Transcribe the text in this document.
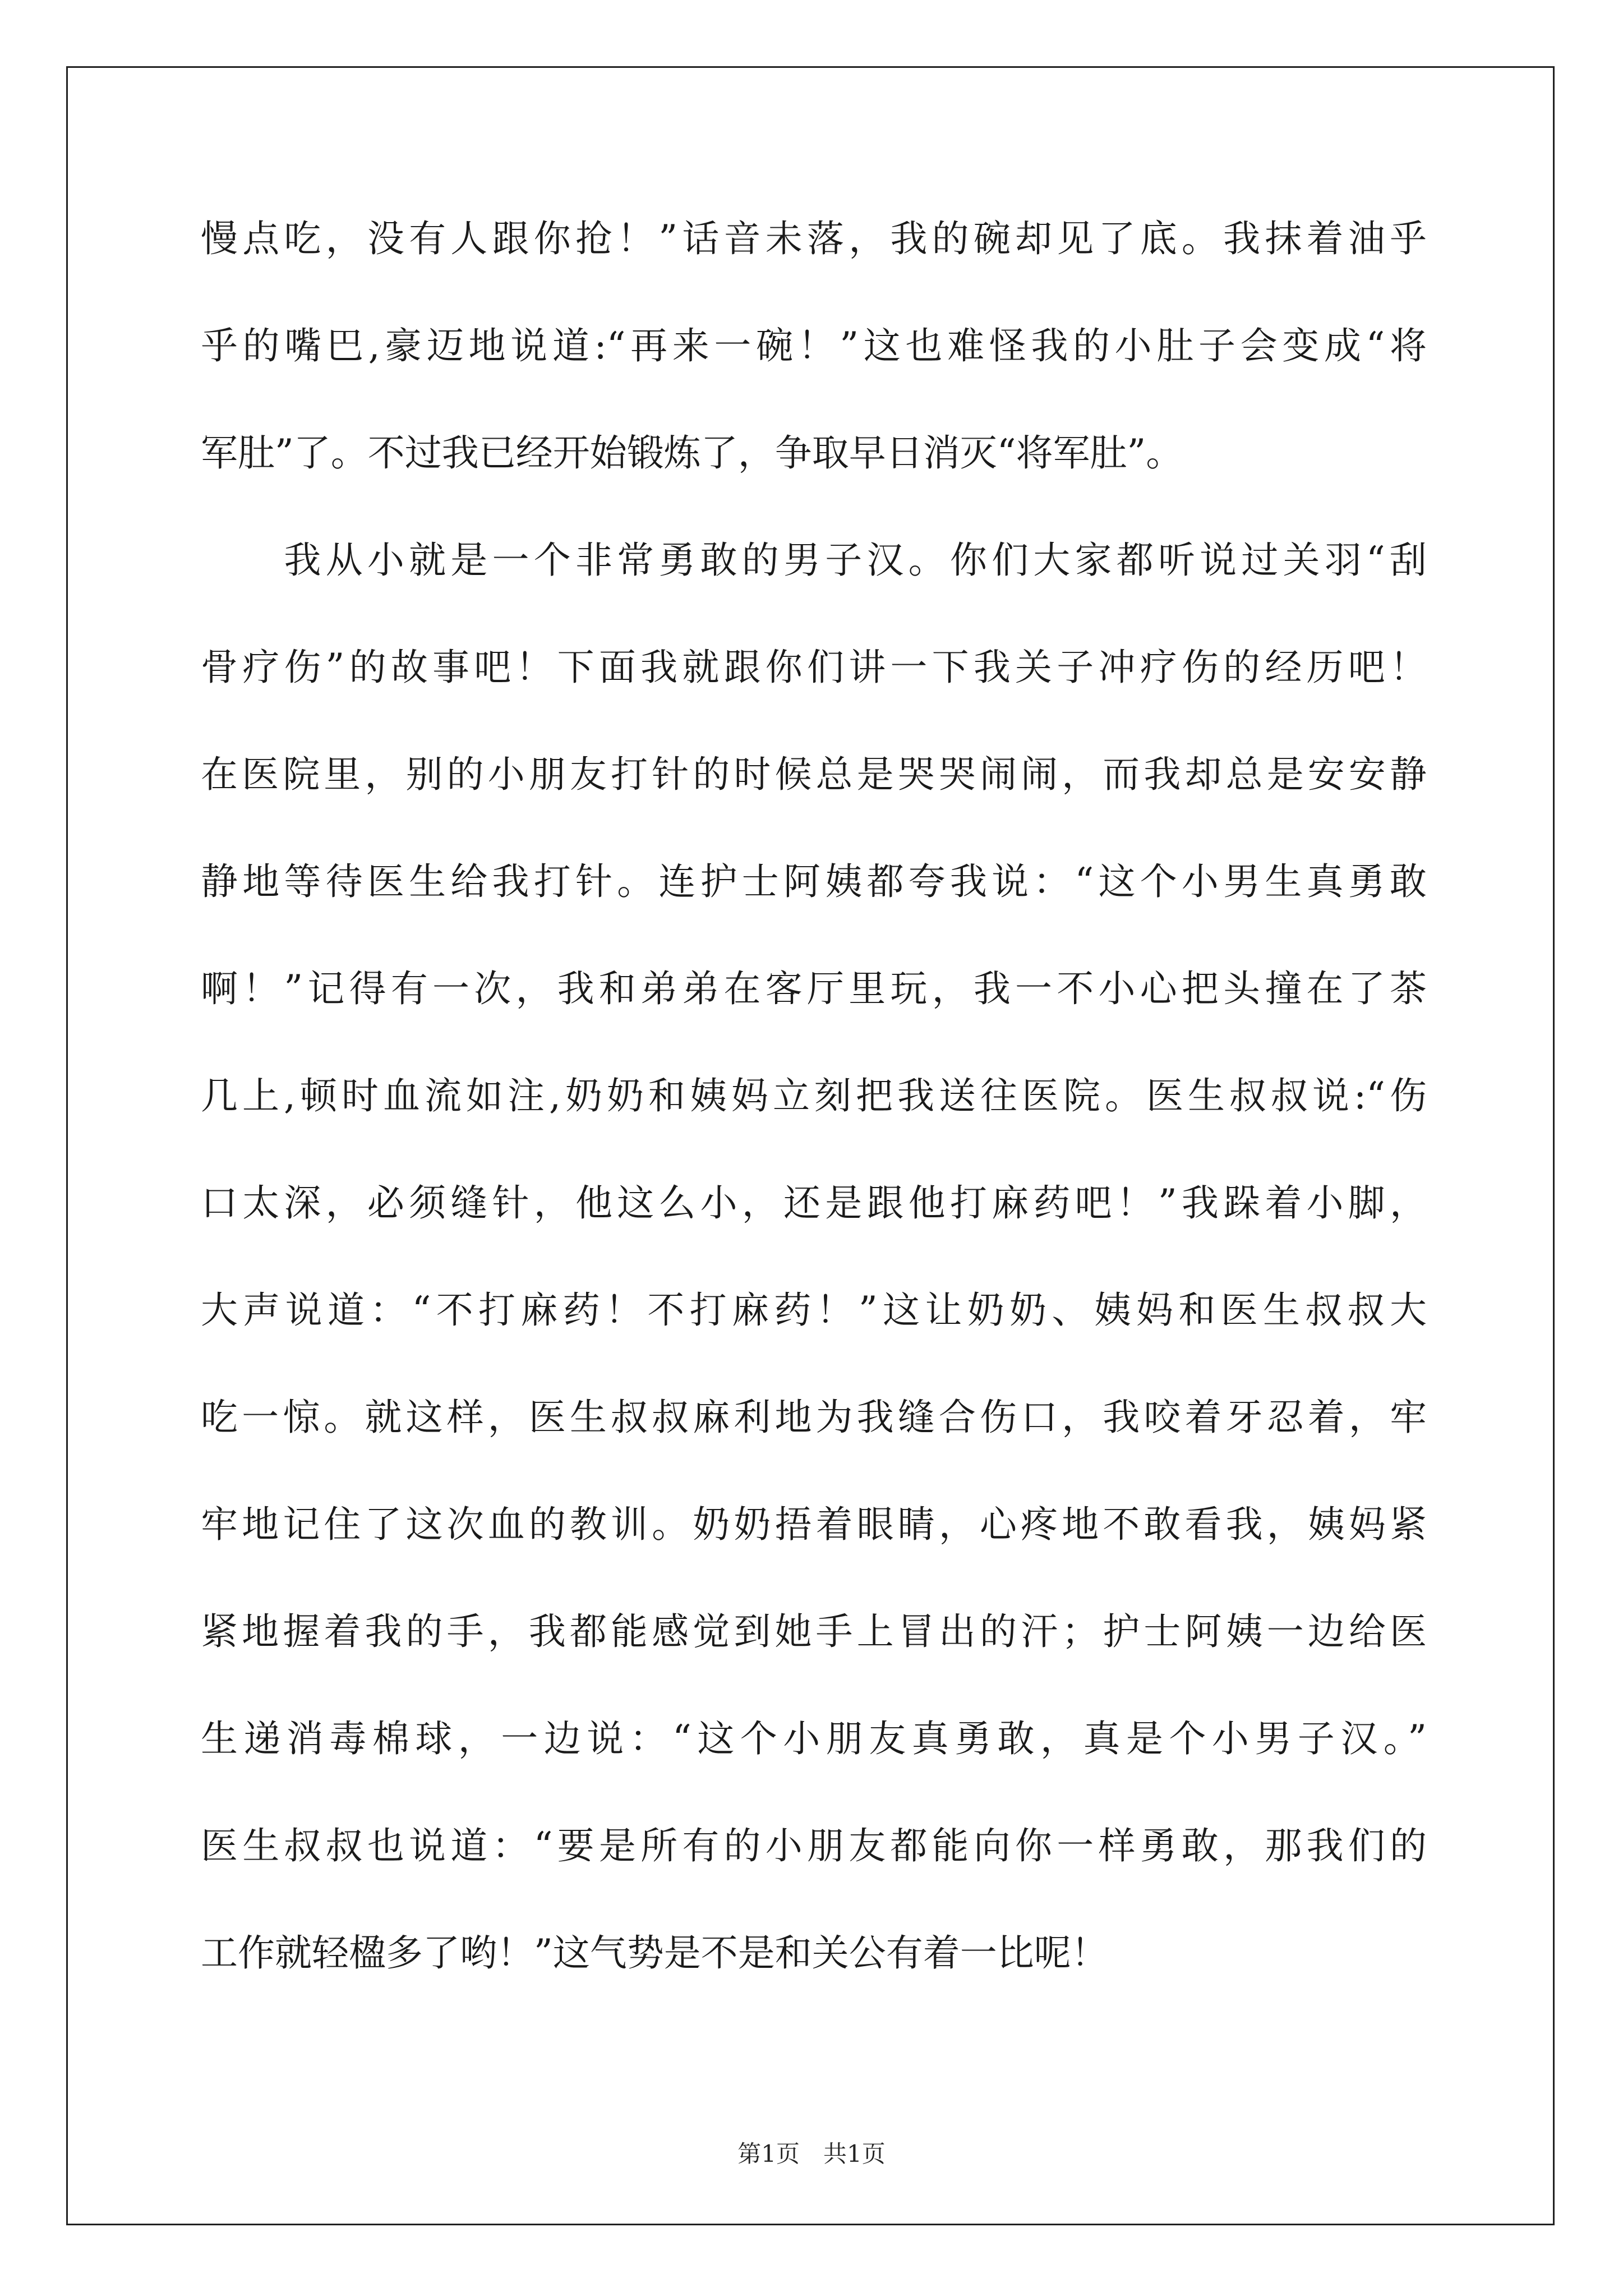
慢点吃，没有人跟你抢！”话音未落，我的碗却见了底。我抹着油乎
乎的嘴巴,豪迈地说道:“再来一碗！”这也难怪我的小肚子会变成“将
军肚”了。不过我已经开始锻炼了，争取早日消灭“将军肚”。
　　我从小就是一个非常勇敢的男子汉。你们大家都听说过关羽“刮
骨疗伤”的故事吧！下面我就跟你们讲一下我关子冲疗伤的经历吧！
在医院里，别的小朋友打针的时候总是哭哭闹闹，而我却总是安安静
静地等待医生给我打针。连护士阿姨都夸我说：“这个小男生真勇敢
啊！”记得有一次，我和弟弟在客厅里玩，我一不小心把头撞在了茶
几上,顿时血流如注,奶奶和姨妈立刻把我送往医院。医生叔叔说:“伤
口太深，必须缝针，他这么小，还是跟他打麻药吧！”我跺着小脚，
大声说道：“不打麻药！不打麻药！”这让奶奶、姨妈和医生叔叔大
吃一惊。就这样，医生叔叔麻利地为我缝合伤口，我咬着牙忍着，牢
牢地记住了这次血的教训。奶奶捂着眼睛，心疼地不敢看我，姨妈紧
紧地握着我的手，我都能感觉到她手上冒出的汗；护士阿姨一边给医
生递消毒棉球，一边说：“这个小朋友真勇敢，真是个小男子汉。”
医生叔叔也说道：“要是所有的小朋友都能向你一样勇敢，那我们的
工作就轻楹多了哟！”这气势是不是和关公有着一比呢！
第1页　共1页
